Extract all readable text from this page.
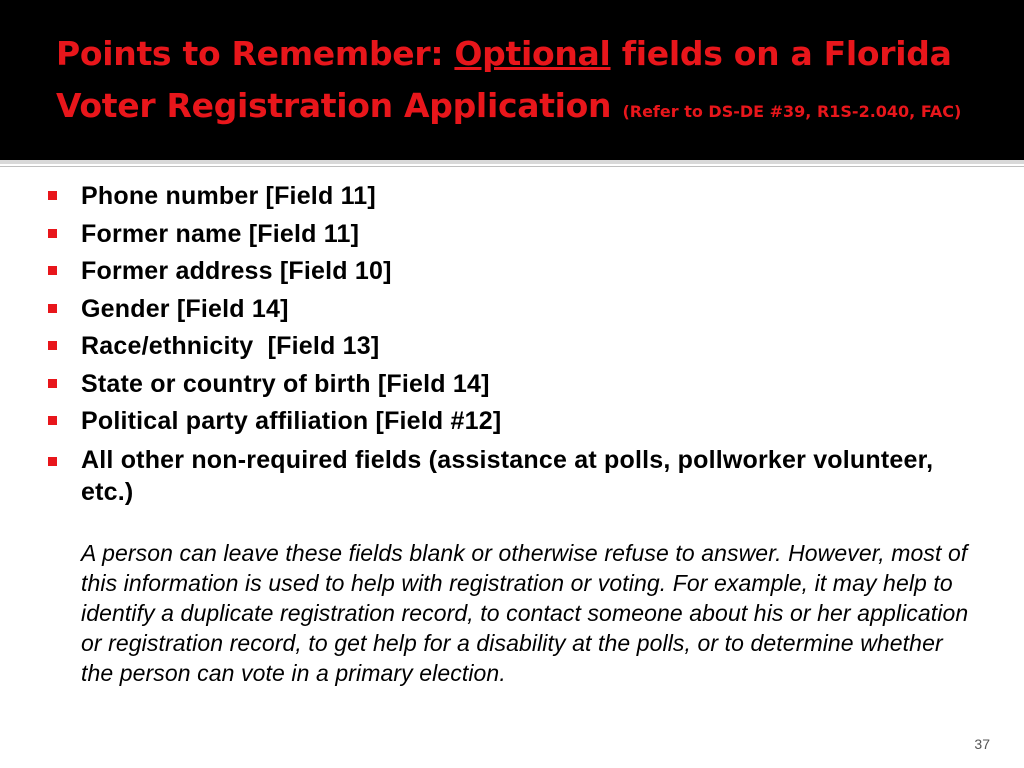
Points to Remember: Optional fields on a Florida Voter Registration Application (Refer to DS-DE #39, R1S-2.040, FAC)
Phone number [Field 11]
Former name [Field 11]
Former address [Field 10]
Gender [Field 14]
Race/ethnicity  [Field 13]
State or country of birth [Field 14]
Political party affiliation [Field #12]
All other non-required fields (assistance at polls, pollworker volunteer, etc.)
A person can leave these fields blank or otherwise refuse to answer. However, most of this information is used to help with registration or voting. For example, it may help to identify a duplicate registration record, to contact someone about his or her application or registration record, to get help for a disability at the polls, or to determine whether the person can vote in a primary election.
37
